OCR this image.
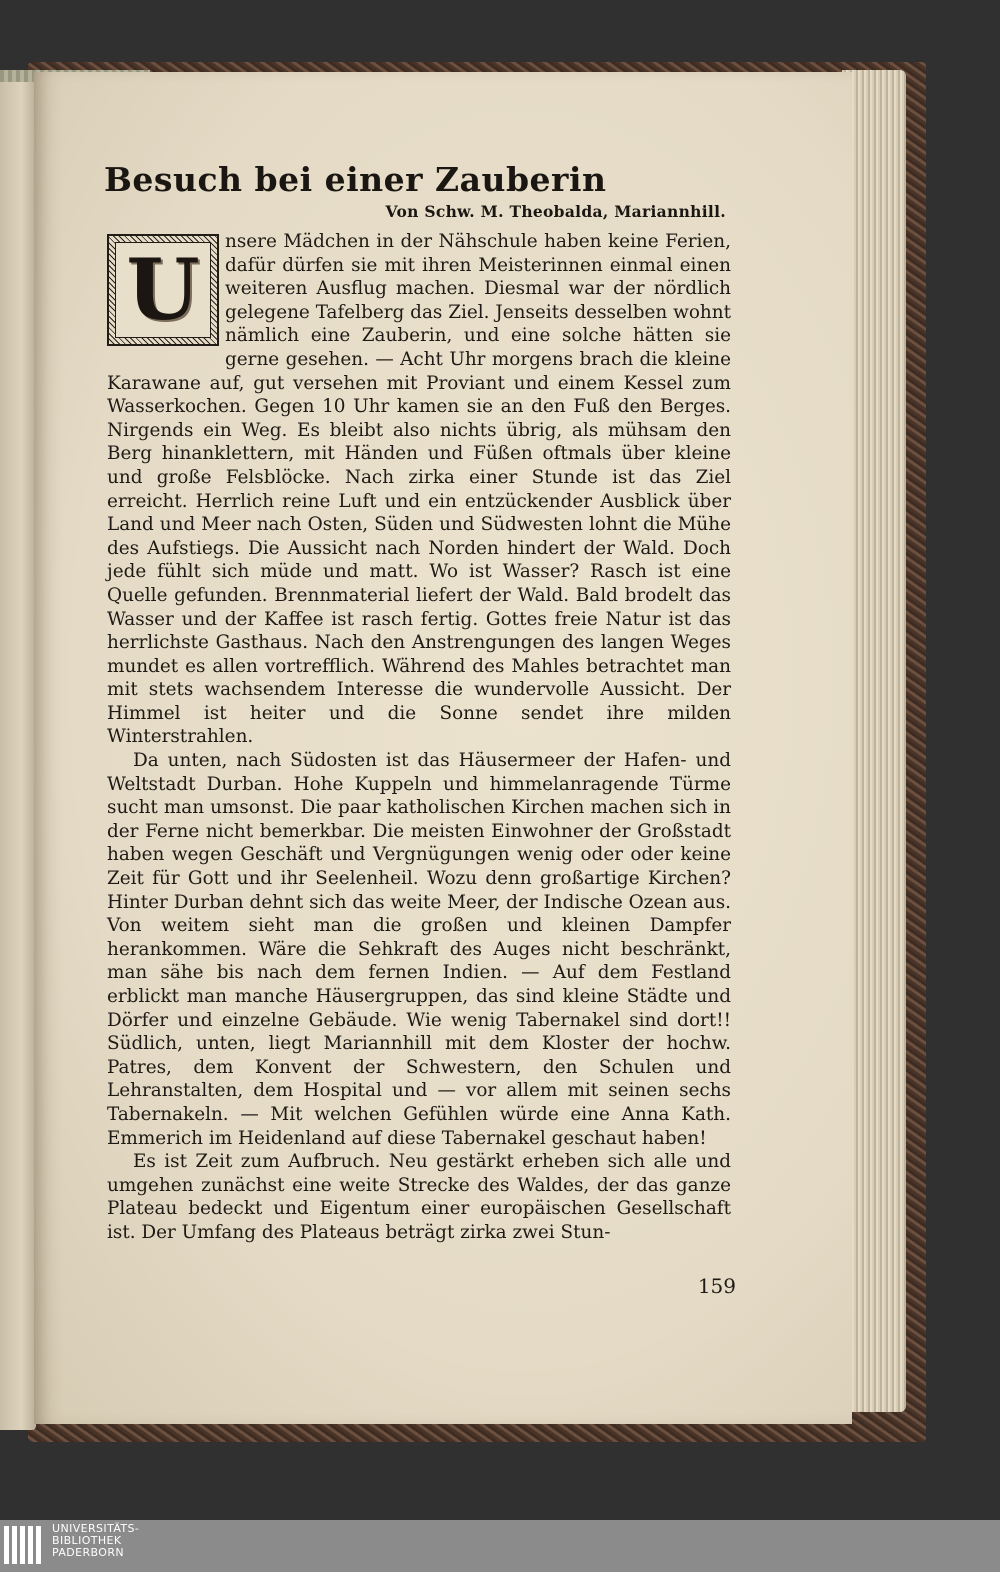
Besuch bei einer Zauberin
Von Schw. M. Theobalda, Mariannhill.
U	nsere Mädchen in der Nähschule haben keine Ferien, dafür dürfen sie mit ihren Meisterinnen einmal einen weiteren Ausflug machen. Diesmal war der nördlich gelegene Tafelberg das Ziel. Jenseits desselben wohnt nämlich eine Zauberin, und eine solche hätten sie gerne gesehen. — Acht Uhr morgens brach die kleine Karawane auf, gut versehen mit Proviant und einem Kessel zum Wasserkochen. Gegen 10 Uhr kamen sie an den Fuß den Berges. Nirgends ein Weg. Es bleibt also nichts übrig, als mühsam den Berg hinanklettern, mit Händen und Füßen oftmals über kleine und große Felsblöcke. Nach zirka einer Stunde ist das Ziel erreicht. Herrlich reine Luft und ein entzückender Ausblick über Land und Meer nach Osten, Süden und Südwesten lohnt die Mühe des Aufstiegs. Die Aussicht nach Norden hindert der Wald. Doch jede fühlt sich müde und matt. Wo ist Wasser? Rasch ist eine Quelle gefunden. Brennmaterial liefert der Wald. Bald brodelt das Wasser und der Kaffee ist rasch fertig. Gottes freie Natur ist das herrlichste Gasthaus. Nach den Anstrengungen des langen Weges mundet es allen vortrefflich. Während des Mahles betrachtet man mit stets wachsendem Interesse die wundervolle Aussicht. Der Himmel ist heiter und die Sonne sendet ihre milden Winterstrahlen.

Da unten, nach Südosten ist das Häusermeer der Hafen- und Weltstadt Durban. Hohe Kuppeln und himmelanragende Türme sucht man umsonst. Die paar katholischen Kirchen machen sich in der Ferne nicht bemerkbar. Die meisten Einwohner der Großstadt haben wegen Geschäft und Vergnügungen wenig oder oder keine Zeit für Gott und ihr Seelenheil. Wozu denn großartige Kirchen? Hinter Durban dehnt sich das weite Meer, der Indische Ozean aus. Von weitem sieht man die großen und kleinen Dampfer herankommen. Wäre die Sehkraft des Auges nicht beschränkt, man sähe bis nach dem fernen Indien. — Auf dem Festland erblickt man manche Häusergruppen, das sind kleine Städte und Dörfer und einzelne Gebäude. Wie wenig Tabernakel sind dort!! Südlich, unten, liegt Mariannhill mit dem Kloster der hochw. Patres, dem Konvent der Schwestern, den Schulen und Lehranstalten, dem Hospital und — vor allem mit seinen sechs Tabernakeln. — Mit welchen Gefühlen würde eine Anna Kath. Emmerich im Heidenland auf diese Tabernakel geschaut haben!

Es ist Zeit zum Aufbruch. Neu gestärkt erheben sich alle und umgehen zunächst eine weite Strecke des Waldes, der das ganze Plateau bedeckt und Eigentum einer europäischen Gesellschaft ist. Der Umfang des Plateaus beträgt zirka zwei Stun-

159
UNIVERSITÄTS-
BIBLIOTHEK
PADERBORN
